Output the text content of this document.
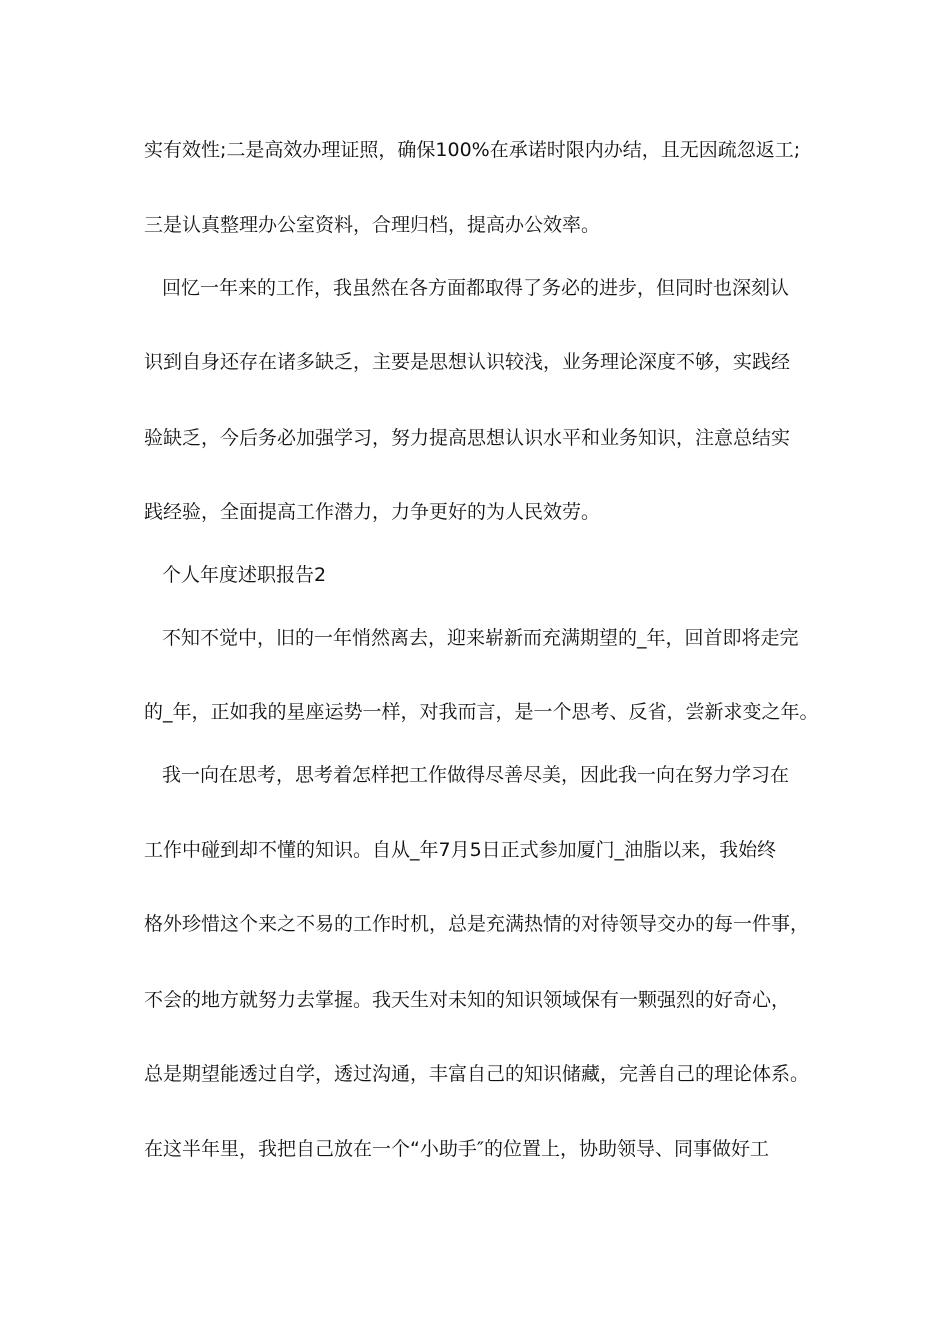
实有效性;二是高效办理证照，确保100%在承诺时限内办结，且无因疏忽返工;
三是认真整理办公室资料，合理归档，提高办公效率。
回忆一年来的工作，我虽然在各方面都取得了务必的进步，但同时也深刻认
识到自身还存在诸多缺乏，主要是思想认识较浅，业务理论深度不够，实践经
验缺乏，今后务必加强学习，努力提高思想认识水平和业务知识，注意总结实
践经验，全面提高工作潜力，力争更好的为人民效劳。
个人年度述职报告2
不知不觉中，旧的一年悄然离去，迎来崭新而充满期望的_年，回首即将走完
的_年，正如我的星座运势一样，对我而言，是一个思考、反省，尝新求变之年。
我一向在思考，思考着怎样把工作做得尽善尽美，因此我一向在努力学习在
工作中碰到却不懂的知识。自从_年7月5日正式参加厦门_油脂以来，我始终
格外珍惜这个来之不易的工作时机，总是充满热情的对待领导交办的每一件事，
不会的地方就努力去掌握。我天生对未知的知识领域保有一颗强烈的好奇心，
总是期望能透过自学，透过沟通，丰富自己的知识储藏，完善自己的理论体系。
在这半年里，我把自己放在一个“小助手″的位置上，协助领导、同事做好工
